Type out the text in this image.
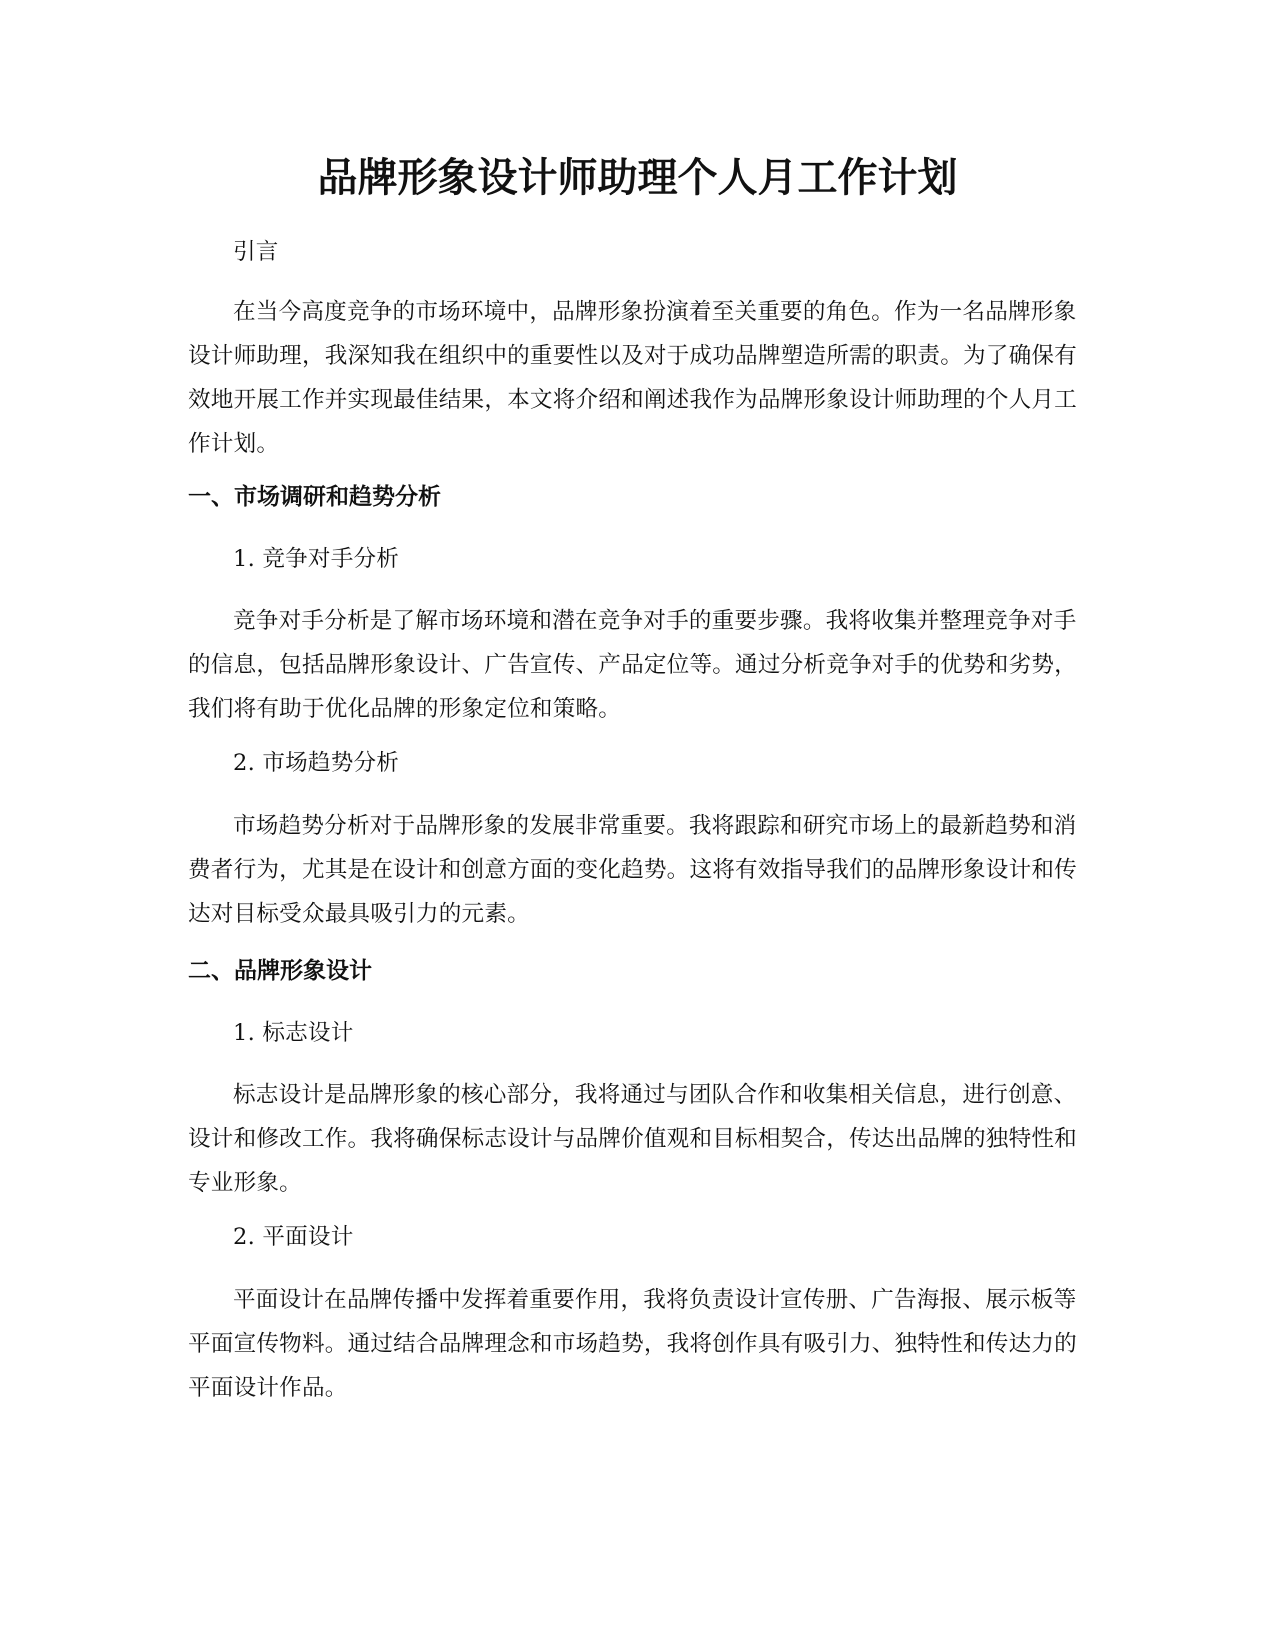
品牌形象设计师助理个人月工作计划

引言

在当今高度竞争的市场环境中，品牌形象扮演着至关重要的角色。作为一名品牌形象设计师助理，我深知我在组织中的重要性以及对于成功品牌塑造所需的职责。为了确保有效地开展工作并实现最佳结果，本文将介绍和阐述我作为品牌形象设计师助理的个人月工作计划。

一、市场调研和趋势分析

1. 竞争对手分析

竞争对手分析是了解市场环境和潜在竞争对手的重要步骤。我将收集并整理竞争对手的信息，包括品牌形象设计、广告宣传、产品定位等。通过分析竞争对手的优势和劣势，我们将有助于优化品牌的形象定位和策略。

2. 市场趋势分析

市场趋势分析对于品牌形象的发展非常重要。我将跟踪和研究市场上的最新趋势和消费者行为，尤其是在设计和创意方面的变化趋势。这将有效指导我们的品牌形象设计和传达对目标受众最具吸引力的元素。

二、品牌形象设计

1. 标志设计

标志设计是品牌形象的核心部分，我将通过与团队合作和收集相关信息，进行创意、设计和修改工作。我将确保标志设计与品牌价值观和目标相契合，传达出品牌的独特性和专业形象。

2. 平面设计

平面设计在品牌传播中发挥着重要作用，我将负责设计宣传册、广告海报、展示板等平面宣传物料。通过结合品牌理念和市场趋势，我将创作具有吸引力、独特性和传达力的平面设计作品。
